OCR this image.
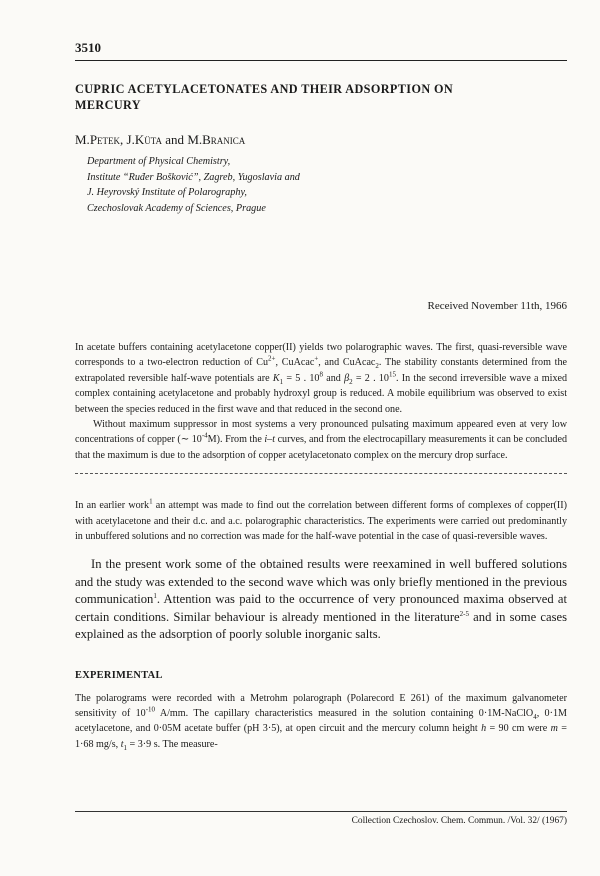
3510

CUPRIC ACETYLACETONATES AND THEIR ADSORPTION ON MERCURY

M.Petek, J.Küta and M.Branica

Department of Physical Chemistry,
Institute “Ruđer Bošković”, Zagreb, Yugoslavia and
J. Heyrovský Institute of Polarography,
Czechoslovak Academy of Sciences, Prague
Received November 11th, 1966

In acetate buffers containing acetylacetone copper(II) yields two polarographic waves. The first, quasi-reversible wave corresponds to a two-electron reduction of $Cu^{2+}$, CuAcac+, and CuAcac$_2$. The stability constants determined from the extrapolated reversible half-wave potentials are $K_1 = 5$ . $10^8$ and $\beta_2 = 2$ . $10^{15}$. In the second irreversible wave a mixed complex containing acetylacetone and probably hydroxyl group is reduced. A mobile equilibrium was observed to exist between the species reduced in the first wave and that reduced in the second one.

Without maximum suppressor in most systems a very pronounced pulsating maximum appeared even at very low concentrations of copper (∼ $10^{-4}M$). From the i–t curves, and from the electrocapillary measurements it can be concluded that the maximum is due to the adsorption of copper acetylacetonato complex on the mercury drop surface.

In an earlier work$^1$ an attempt was made to find out the correlation between different forms of complexes of copper(II) with acetylacetone and their d.c. and a.c. polarographic characteristics. The experiments were carried out predominantly in unbuffered solutions and no correction was made for the half-wave potential in the case of quasi-reversible waves.

In the present work some of the obtained results were reexamined in well buffered solutions and the study was extended to the second wave which was only briefly mentioned in the previous communication$^1$. Attention was paid to the occurrence of very pronounced maxima observed at certain conditions. Similar behaviour is already mentioned in the literature$^{2-5}$ and in some cases explained as the adsorption of poorly soluble inorganic salts.

EXPERIMENTAL

The polarograms were recorded with a Metrohm polarograph (Polarecord E 261) of the maximum galvanometer sensitivity of $10^{-10}$ A/mm. The capillary characteristics measured in the solution containing 0·1M-NaClO$_4$, 0·1M acetylacetone, and 0·05M acetate buffer (pH 3·5), at open circuit and the mercury column height h = 90 cm were m = 1·68 mg/s, $t_1 = 3\cdot 9$ s. The measure-

Collection Czechoslov. Chem. Commun. /Vol. 32/ (1967)
